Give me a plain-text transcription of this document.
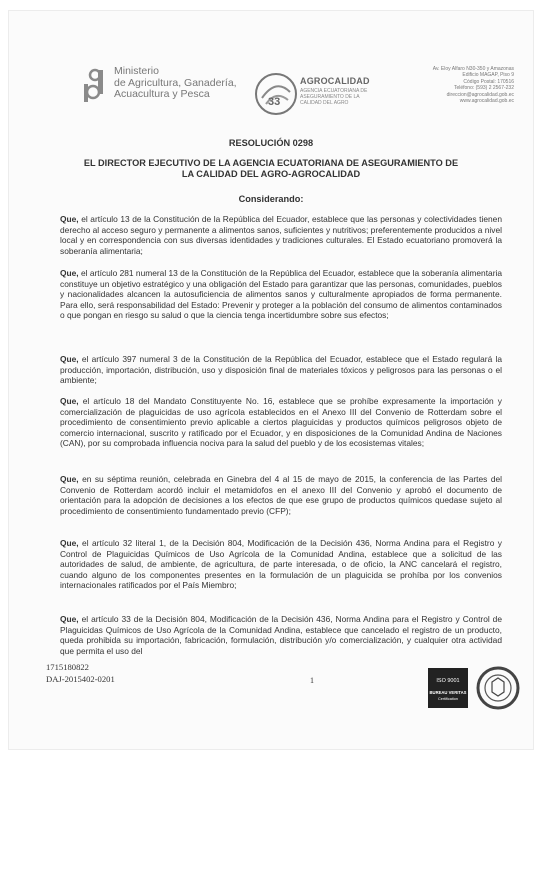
Ministerio
de Agricultura, Ganadería,
Acuacultura y Pesca
33
AGROCALIDAD
AGENCIA ECUATORIANA DE ASEGURAMIENTO DE LA CALIDAD DEL AGRO
Av. Eloy Alfaro N30-350 y Amazonas
Edificio MAGAP, Piso 9
Código Postal: 170516
Teléfono: (593) 2 2567-232
direccion@agrocalidad.gob.ec
www.agrocalidad.gob.ec
RESOLUCIÓN 0298
EL DIRECTOR EJECUTIVO DE LA AGENCIA ECUATORIANA DE ASEGURAMIENTO DE
LA CALIDAD DEL AGRO-AGROCALIDAD
Considerando:
Que, el artículo 13 de la Constitución de la República del Ecuador, establece que las personas y colectividades tienen derecho al acceso seguro y permanente a alimentos sanos, suficientes y nutritivos; preferentemente producidos a nivel local y en correspondencia con sus diversas identidades y tradiciones culturales. El Estado ecuatoriano promoverá la soberanía alimentaria;
Que, el artículo 281 numeral 13 de la Constitución de la República del Ecuador, establece que la soberanía alimentaria constituye un objetivo estratégico y una obligación del Estado para garantizar que las personas, comunidades, pueblos y nacionalidades alcancen la autosuficiencia de alimentos sanos y culturalmente apropiados de forma permanente. Para ello, será responsabilidad del Estado: Prevenir y proteger a la población del consumo de alimentos contaminados o que pongan en riesgo su salud o que la ciencia tenga incertidumbre sobre sus efectos;
Que, el artículo 397 numeral 3 de la Constitución de la República del Ecuador, establece que el Estado regulará la producción, importación, distribución, uso y disposición final de materiales tóxicos y peligrosos para las personas o el ambiente;
Que, el artículo 18 del Mandato Constituyente No. 16, establece que se prohíbe expresamente la importación y comercialización de plaguicidas de uso agrícola establecidos en el Anexo III del Convenio de Rotterdam sobre el procedimiento de consentimiento previo aplicable a ciertos plaguicidas y productos químicos peligrosos objeto de comercio internacional, suscrito y ratificado por el Ecuador, y en disposiciones de la Comunidad Andina de Naciones (CAN), por su comprobada influencia nociva para la salud del pueblo y de los ecosistemas vitales;
Que, en su séptima reunión, celebrada en Ginebra del 4 al 15 de mayo de 2015, la conferencia de las Partes del Convenio de Rotterdam acordó incluir el metamidofos en el anexo III del Convenio y aprobó el documento de orientación para la adopción de decisiones a los efectos de que ese grupo de productos químicos quedase sujeto al procedimiento de consentimiento fundamentado previo (CFP);
Que, el artículo 32 literal 1, de la Decisión 804, Modificación de la Decisión 436, Norma Andina para el Registro y Control de Plaguicidas Químicos de Uso Agrícola de la Comunidad Andina, establece que a solicitud de las autoridades de salud, de ambiente, de agricultura, de parte interesada, o de oficio, la ANC cancelará el registro, cuando alguno de los componentes presentes en la formulación de un plaguicida se prohíba por los convenios internacionales ratificados por el País Miembro;
Que, el artículo 33 de la Decisión 804, Modificación de la Decisión 436, Norma Andina para el Registro y Control de Plaguicidas Químicos de Uso Agrícola de la Comunidad Andina, establece que cancelado el registro de un producto, queda prohibida su importación, fabricación, formulación, distribución y/o comercialización, y cualquier otra actividad que permita el uso del
1715180822
DAJ-2015402-0201	1	ISO 9001
BUREAU VERITAS
Certification
